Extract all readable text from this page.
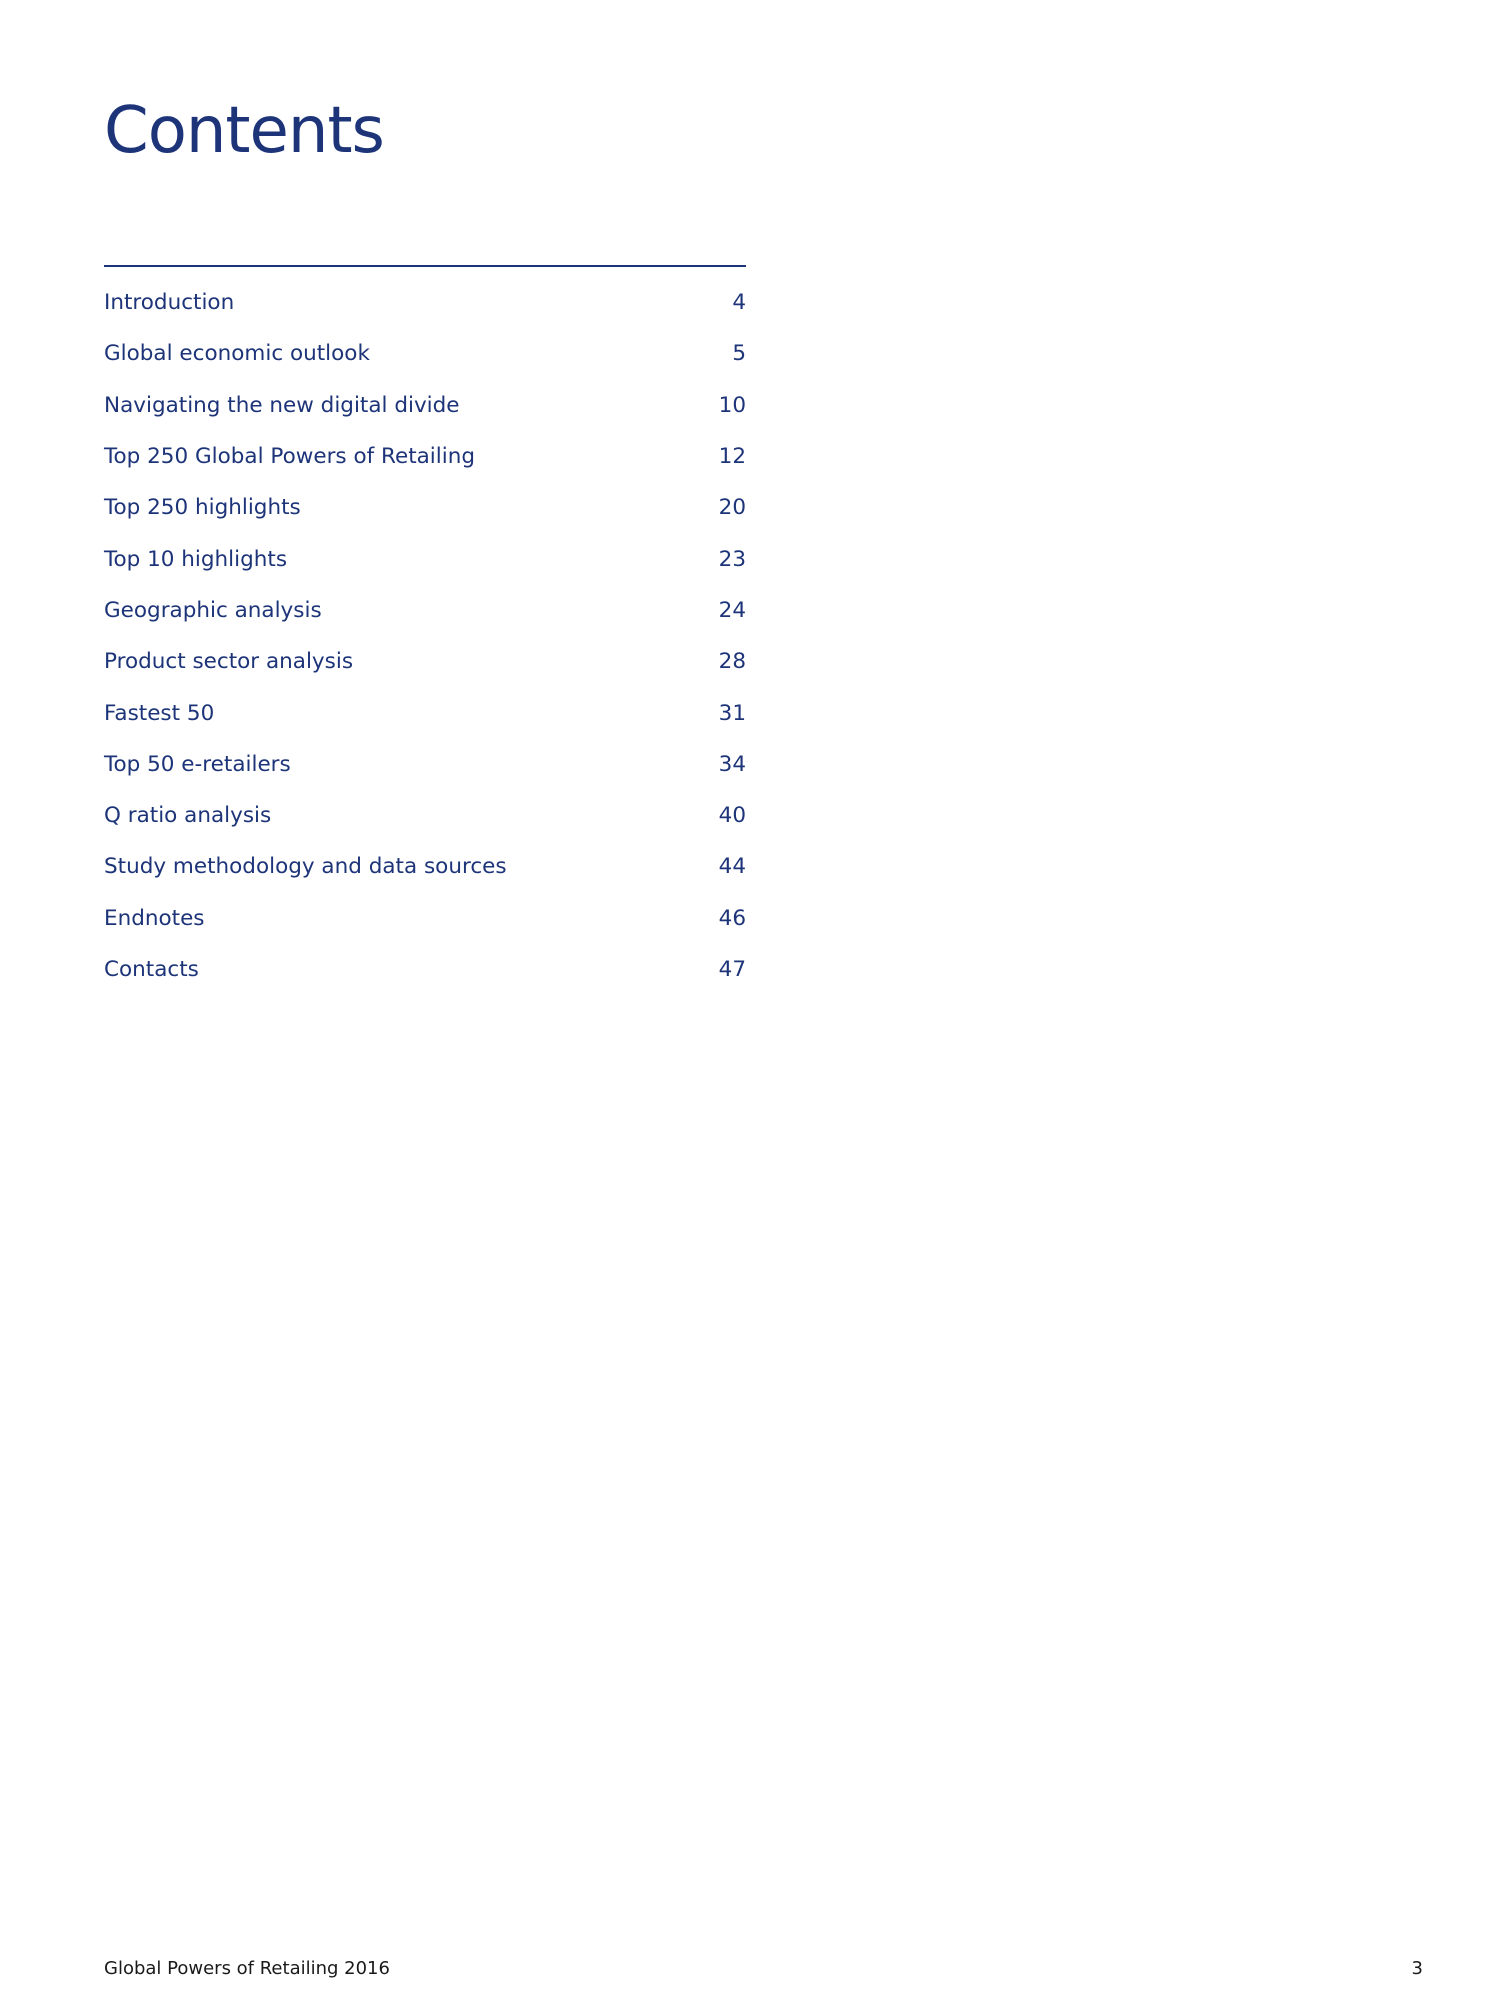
Contents
Introduction	4
Global economic outlook	5
Navigating the new digital divide	10
Top 250 Global Powers of Retailing	12
Top 250 highlights	20
Top 10 highlights	23
Geographic analysis	24
Product sector analysis	28
Fastest 50	31
Top 50 e-retailers	34
Q ratio analysis	40
Study methodology and data sources	44
Endnotes	46
Contacts	47
Global Powers of Retailing 2016	3
